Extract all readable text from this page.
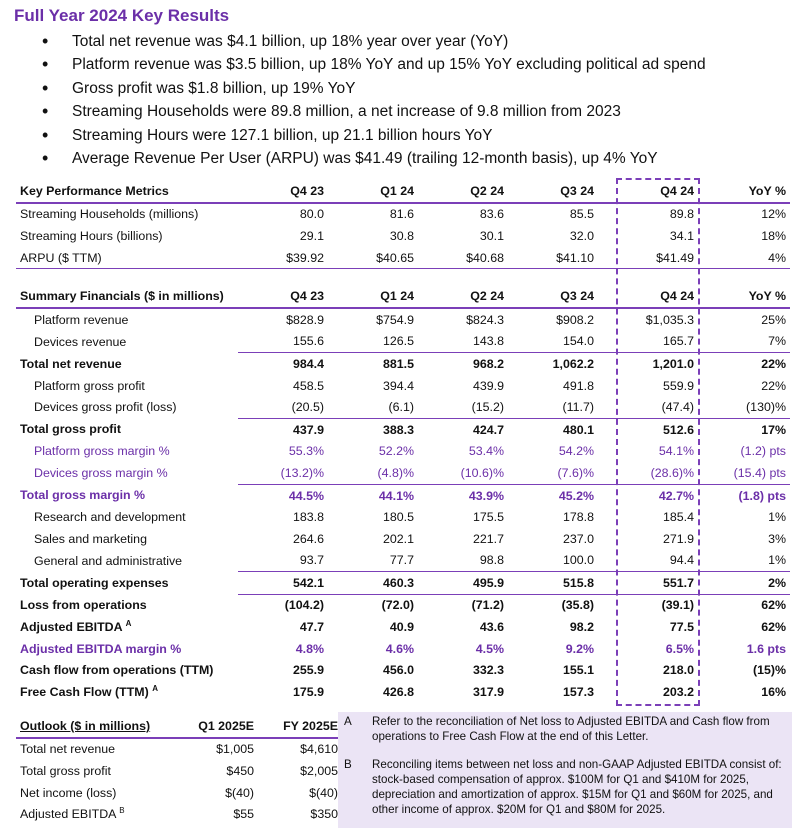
Full Year 2024 Key Results
• Total net revenue was $4.1 billion, up 18% year over year (YoY)
• Platform revenue was $3.5 billion, up 18% YoY and up 15% YoY excluding political ad spend
• Gross profit was $1.8 billion, up 19% YoY
• Streaming Households were 89.8 million, a net increase of 9.8 million from 2023
• Streaming Hours were 127.1 billion, up 21.1 billion hours YoY
• Average Revenue Per User (ARPU) was $41.49 (trailing 12-month basis), up 4% YoY
Key Performance Metrics	Q4 23	Q1 24	Q2 24	Q3 24	Q4 24	YoY %
Streaming Households (millions)	80.0	81.6	83.6	85.5	89.8	12%
Streaming Hours (billions)	29.1	30.8	30.1	32.0	34.1	18%
ARPU ($ TTM)	$39.92	$40.65	$40.68	$41.10	$41.49	4%

Summary Financials ($ in millions)	Q4 23	Q1 24	Q2 24	Q3 24	Q4 24	YoY %
Platform revenue	$828.9	$754.9	$824.3	$908.2	$1,035.3	25%
Devices revenue	155.6	126.5	143.8	154.0	165.7	7%
Total net revenue	984.4	881.5	968.2	1,062.2	1,201.0	22%
Platform gross profit	458.5	394.4	439.9	491.8	559.9	22%
Devices gross profit (loss)	(20.5)	(6.1)	(15.2)	(11.7)	(47.4)	(130)%
Total gross profit	437.9	388.3	424.7	480.1	512.6	17%
Platform gross margin %	55.3%	52.2%	53.4%	54.2%	54.1%	(1.2) pts
Devices gross margin %	(13.2)%	(4.8)%	(10.6)%	(7.6)%	(28.6)%	(15.4) pts
Total gross margin %	44.5%	44.1%	43.9%	45.2%	42.7%	(1.8) pts
Research and development	183.8	180.5	175.5	178.8	185.4	1%
Sales and marketing	264.6	202.1	221.7	237.0	271.9	3%
General and administrative	93.7	77.7	98.8	100.0	94.4	1%
Total operating expenses	542.1	460.3	495.9	515.8	551.7	2%
Loss from operations	(104.2)	(72.0)	(71.2)	(35.8)	(39.1)	62%
Adjusted EBITDA $^A$	47.7	40.9	43.6	98.2	77.5	62%
Adjusted EBITDA margin %	4.8%	4.6%	4.5%	9.2%	6.5%	1.6 pts
Cash flow from operations (TTM)	255.9	456.0	332.3	155.1	218.0	(15)%
Free Cash Flow (TTM) $^A$	175.9	426.8	317.9	157.3	203.2	16%
Outlook ($ in millions)	Q1 2025E	FY 2025E
Total net revenue	$1,005	$4,610
Total gross profit	$450	$2,005
Net income (loss)	$(40)	$(40)
Adjusted EBITDA $^B$	$55	$350
A Refer to the reconciliation of Net loss to Adjusted EBITDA and Cash flow from operations to Free Cash Flow at the end of this Letter.
B Reconciling items between net loss and non-GAAP Adjusted EBITDA consist of: stock-based compensation of approx. $100M for Q1 and $410M for 2025, depreciation and amortization of approx. $15M for Q1 and $60M for 2025, and other income of approx. $20M for Q1 and $80M for 2025.
